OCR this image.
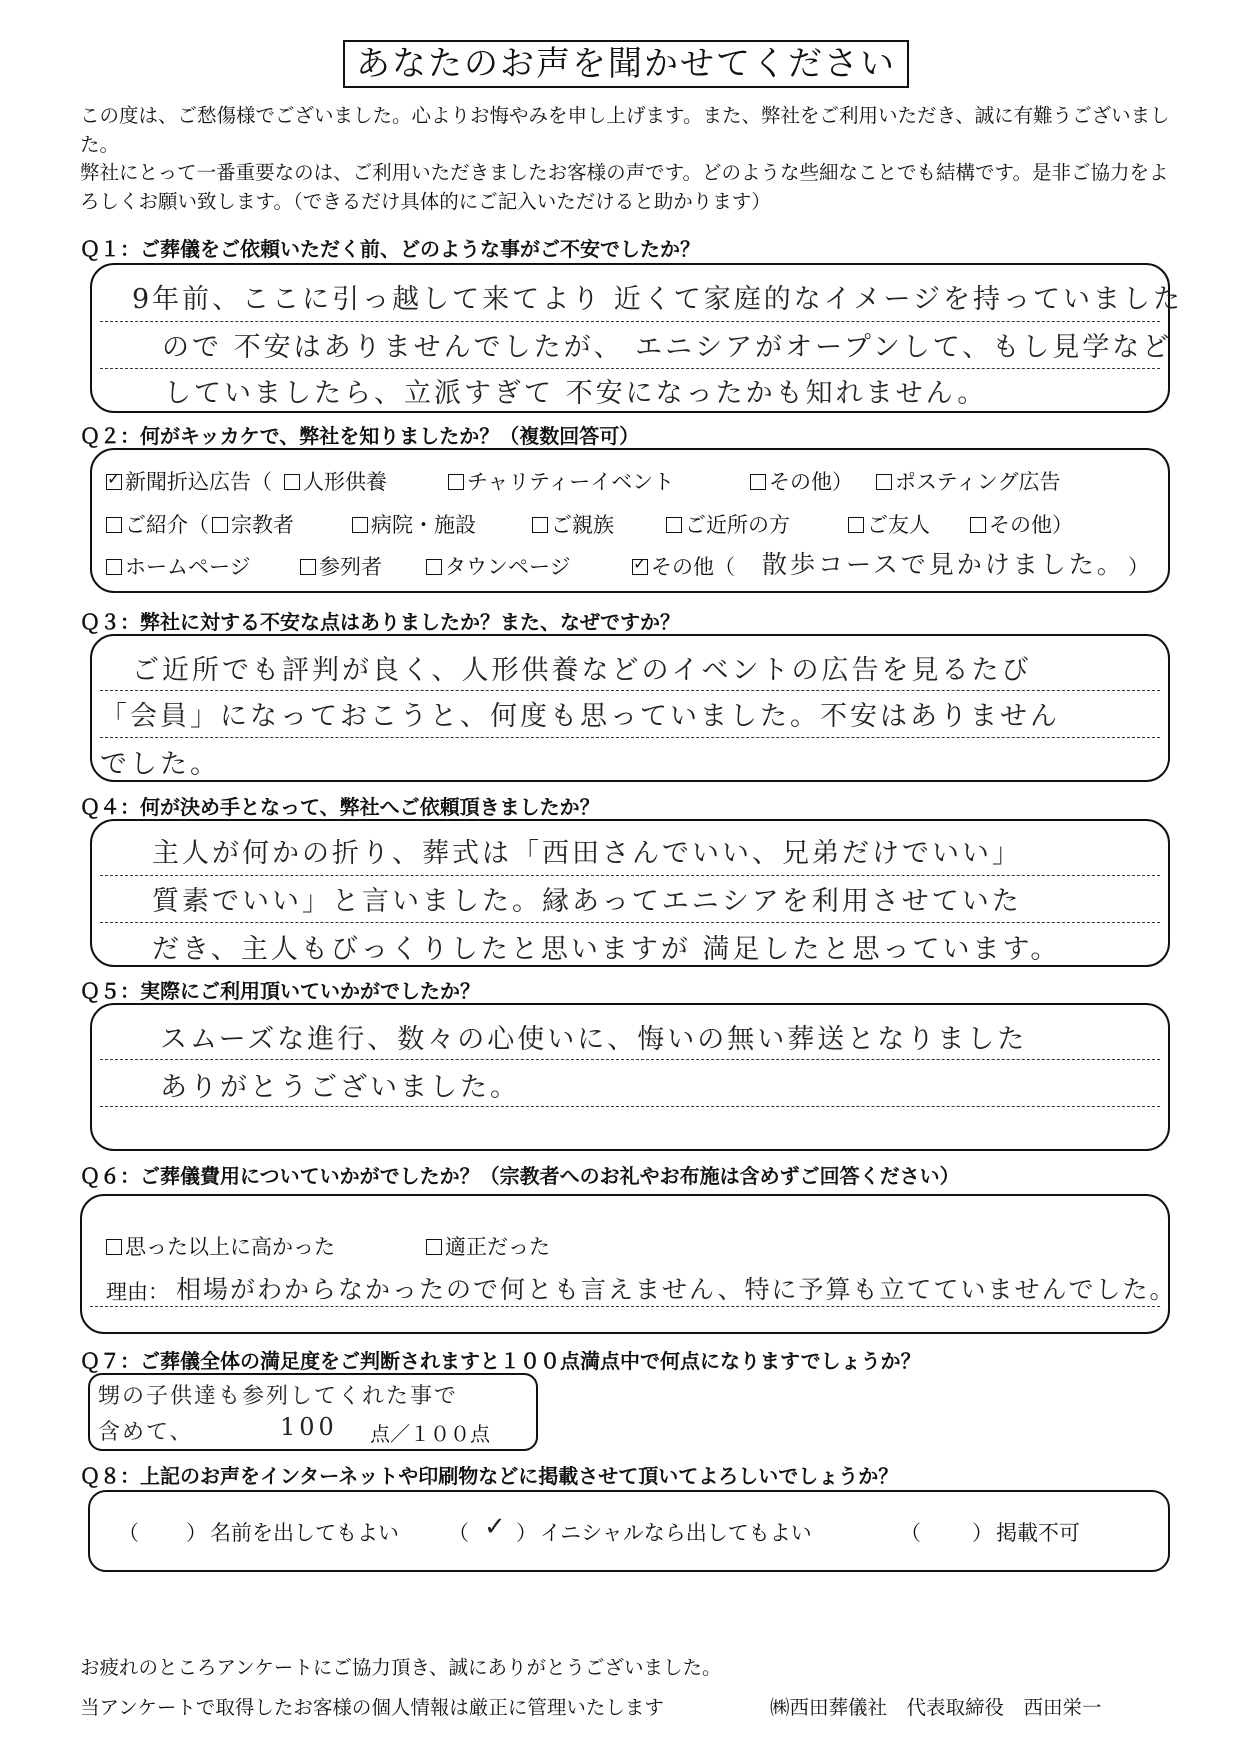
あなたのお声を聞かせてください

この度は、ご愁傷様でございました。心よりお悔やみを申し上げます。また、弊社をご利用いただき、誠に有難うございました。

弊社にとって一番重要なのは、ご利用いただきましたお客様の声です。どのような些細なことでも結構です。是非ご協力をよろしくお願い致します。（できるだけ具体的にご記入いただけると助かります）

Ｑ１：ご葬儀をご依頼いただく前、どのような事がご不安でしたか？
9年前、ここに引っ越して来てより 近くて家庭的なイメージを持っていました
ので 不安はありませんでしたが、 エニシアがオープンして、もし見学など
していましたら、立派すぎて 不安になったかも知れません。
Ｑ２：何がキッカケで、弊社を知りましたか？（複数回答可）
✓新聞折込広告（	人形供養	チャリティーイベント	その他）	ポスティング広告
ご紹介（	宗教者	病院・施設	ご親族	ご近所の方	ご友人	その他）
ホームページ	参列者	タウンページ
✓	その他（ 散歩コースで見かけました。 ）
Ｑ３：弊社に対する不安な点はありましたか？また、なぜですか？
ご近所でも評判が良く、人形供養などのイベントの広告を見るたび
「会員」になっておこうと、何度も思っていました。不安はありません
でした。
Ｑ４：何が決め手となって、弊社へご依頼頂きましたか？
主人が何かの折り、葬式は「西田さんでいい、兄弟だけでいい」
質素でいい」と言いました。縁あってエニシアを利用させていた
だき、主人もびっくりしたと思いますが 満足したと思っています。
Ｑ５：実際にご利用頂いていかがでしたか？
スムーズな進行、数々の心使いに、悔いの無い葬送となりました
ありがとうございました。
Ｑ６：ご葬儀費用についていかがでしたか？（宗教者へのお礼やお布施は含めずご回答ください）
思った以上に高かった	適正だった
理由： 相場がわからなかったので何とも言えません、特に予算も立てていませんでした。
Ｑ７：ご葬儀全体の満足度をご判断されますと１００点満点中で何点になりますでしょうか？
甥の子供達も参列してくれた事で
含めて、	100 点／１００点
Ｑ８：上記のお声をインターネットや印刷物などに掲載させて頂いてよろしいでしょうか？
（ ） 名前を出してもよい （ ✓ ） イニシャルなら出してもよい	（ ） 掲載不可
お疲れのところアンケートにご協力頂き、誠にありがとうございました。
当アンケートで取得したお客様の個人情報は厳正に管理いたします	㈱西田葬儀社　代表取締役　西田栄一
